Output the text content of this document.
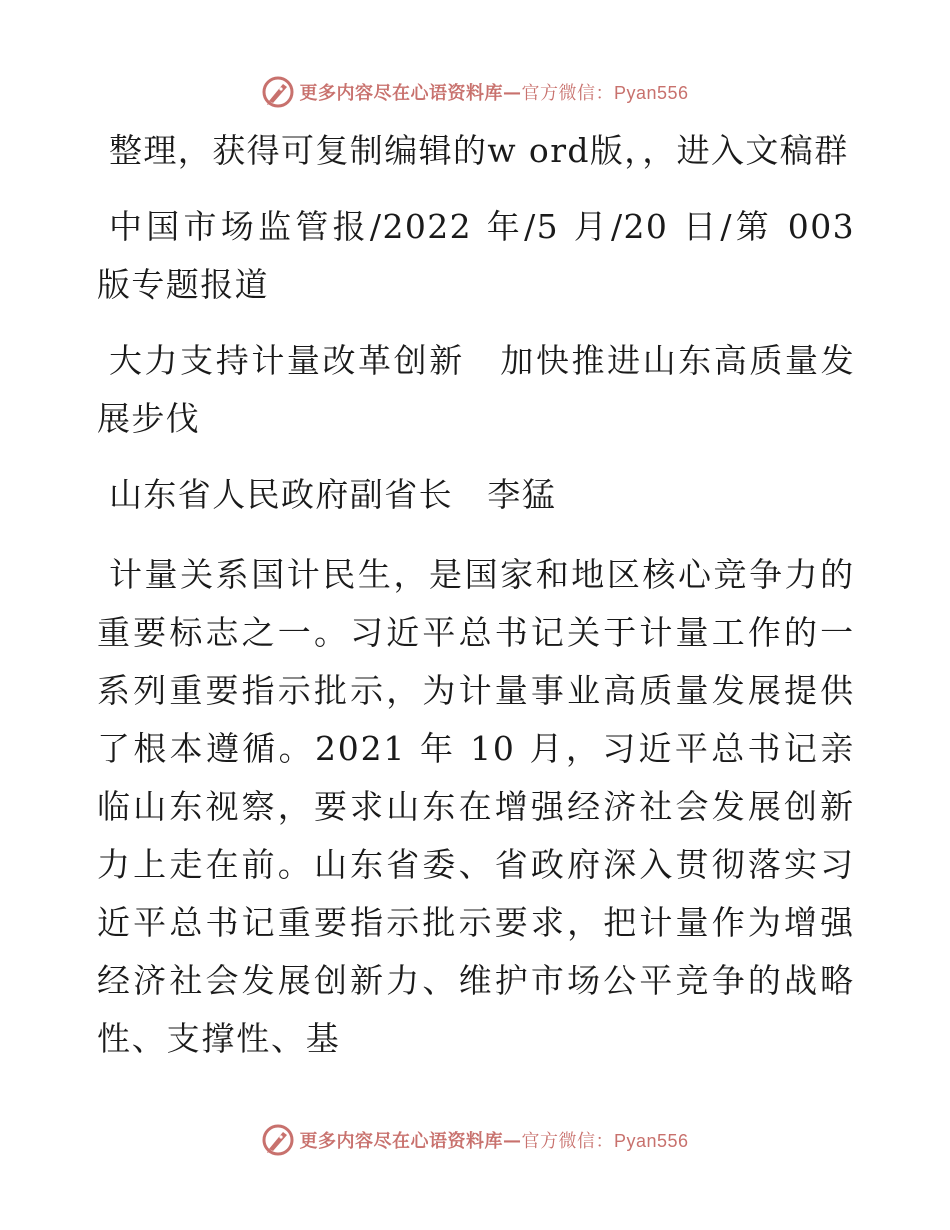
更多内容尽在心语资料库 — 官方微信：Pyan556

整理，获得可复制编辑的w ord版，，进入文稿群

中国市场监管报/2022 年/5 月/20 日/第 003 版专题报道

大力支持计量改革创新　加快推进山东高质量发展步伐

山东省人民政府副省长　李猛

计量关系国计民生，是国家和地区核心竞争力的重要标志之一。习近平总书记关于计量工作的一系列重要指示批示，为计量事业高质量发展提供了根本遵循。2021 年 10 月，习近平总书记亲临山东视察，要求山东在增强经济社会发展创新力上走在前。山东省委、省政府深入贯彻落实习近平总书记重要指示批示要求，把计量作为增强经济社会发展创新力、维护市场公平竞争的战略性、支撑性、基

更多内容尽在心语资料库 — 官方微信：Pyan556
